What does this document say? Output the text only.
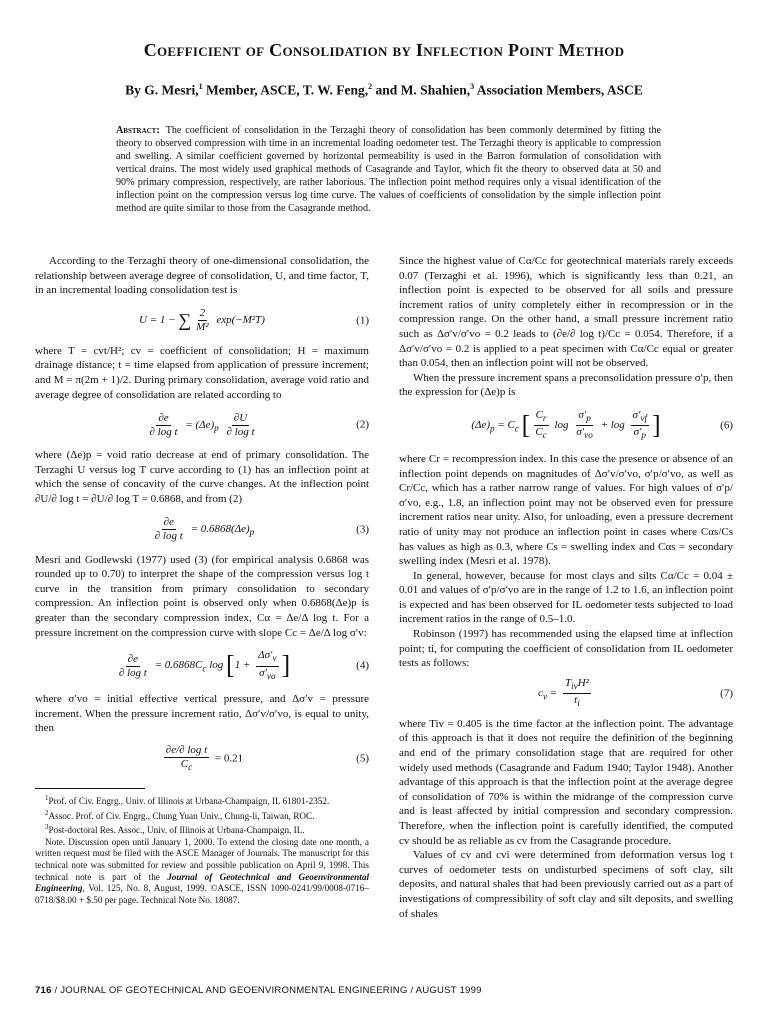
Coefficient of Consolidation by Inflection Point Method
By G. Mesri,$^1$ Member, ASCE, T. W. Feng,$^2$ and M. Shahien,$^3$ Association Members, ASCE
Abstract: The coefficient of consolidation in the Terzaghi theory of consolidation has been commonly determined by fitting the theory to observed compression with time in an incremental loading oedometer test. The Terzaghi theory is applicable to compression and swelling. A similar coefficient governed by horizontal permeability is used in the Barron formulation of consolidation with vertical drains. The most widely used graphical methods of Casagrande and Taylor, which fit the theory to observed data at 50 and 90% primary compression, respectively, are rather laborious. The inflection point method requires only a visual identification of the inflection point on the compression versus log time curve. The values of coefficients of consolidation by the simple inflection point method are quite similar to those from the Casagrande method.

According to the Terzaghi theory of one-dimensional consolidation, the relationship between average degree of consolidation, U, and time factor, T, in an incremental loading consolidation test is

U = 1 − ∑ $\frac{2}{\text{M²}} \exp(-M^2T)$	(1)

where T = cvt/H²; cv = coefficient of consolidation; H = maximum drainage distance; t = time elapsed from application of pressure increment; and M = π(2m + 1)/2. During primary consolidation, average void ratio and average degree of consolidation are related according to

$\frac{\partial e}{\text{∂ log t}} = (\Delta e)_p \frac{\partial U}{\text{∂ log t}}$	(2)

where (Δe)p = void ratio decrease at end of primary consolidation. The Terzaghi U versus log T curve according to (1) has an inflection point at which the sense of concavity of the curve changes. At the inflection point ∂U/∂ log t = ∂U/∂ log T = 0.6868, and from (2)

$\frac{\partial e}{\text{∂ log t}} = 0.6868(\Delta e)_p$	(3)

Mesri and Godlewski (1977) used (3) (for empirical analysis 0.6868 was rounded up to 0.70) to interpret the shape of the compression versus log t curve in the transition from primary consolidation to secondary compression. An inflection point is observed only when 0.6868(Δe)p is greater than the secondary compression index, Cα = Δe/Δ log t. For a pressure increment on the compression curve with slope Cc = Δe/Δ log σ′v:

$\frac{\partial e}{\text{∂ log t}} = 0.6868C_c$ $\log [1 + \frac{\Delta\sigma'_v}{\sigma'_{vo}}$ ]	(4)

where σ′vo = initial effective vertical pressure, and Δσ′v = pressure increment. When the pressure increment ratio, Δσ′v/σ′vo, is equal to unity, then

$\frac{\text{∂e/∂ log t}}{C_c} = 0.21$	(5)

$^1$Prof. of Civ. Engrg., Univ. of Illinois at Urbana-Champaign, IL 61801-2352.

$^2$Assoc. Prof. of Civ. Engrg., Chung Yuan Univ., Chung-li, Taiwan, ROC.

$^3$Post-doctoral Res. Assoc., Univ. of Illinois at Urbana-Champaign, IL.

Note. Discussion open until January 1, 2000. To extend the closing date one month, a written request must be filed with the ASCE Manager of Journals. The manuscript for this technical note was submitted for review and possible publication on April 9, 1998. This technical note is part of the Journal of Geotechnical and Geoenvironmental Engineering, Vol. 125, No. 8, August, 1999. ©ASCE, ISSN 1090-0241/99/0008-0716–0718/$8.00 + $.50 per page. Technical Note No. 18087.

Since the highest value of Cα/Cc for geotechnical materials rarely exceeds 0.07 (Terzaghi et al. 1996), which is significantly less than 0.21, an inflection point is expected to be observed for all soils and pressure increment ratios of unity completely either in recompression or in the compression range. On the other hand, a small pressure increment ratio such as Δσ′v/σ′vo = 0.2 leads to (∂e/∂ log t)/Cc = 0.054. Therefore, if a Δσ′v/σ′vo = 0.2 is applied to a peat specimen with Cα/Cc equal or greater than 0.054, then an inflection point will not be observed.

When the pressure increment spans a preconsolidation pressure σ′p, then the expression for (Δe)p is

$(\Delta e)_p = C_c$ [ $\frac{C_r}{C_c}$ $\log \frac{\sigma'_p}{\sigma'_{vo}} + \log \frac{\sigma'_{vf}}{\sigma'_p}$ ]	(6)

where Cr = recompression index. In this case the presence or absence of an inflection point depends on magnitudes of Δσ′v/σ′vo, σ′p/σ′vo, as well as Cr/Cc, which has a rather narrow range of values. For high values of σ′p/σ′vo, e.g., 1.8, an inflection point may not be observed even for pressure increment ratios near unity. Also, for unloading, even a pressure decrement ratio of unity may not produce an inflection point in cases where Cαs/Cs has values as high as 0.3, where Cs = swelling index and Cαs = secondary swelling index (Mesri et al. 1978).

In general, however, because for most clays and silts Cα/Cc = 0.04 ± 0.01 and values of σ′p/σ′vo are in the range of 1.2 to 1.6, an inflection point is expected and has been observed for IL oedometer tests subjected to load increment ratios in the range of 0.5–1.0.

Robinson (1997) has recommended using the elapsed time at inflection point; ti, for computing the coefficient of consolidation from IL oedometer tests as follows:

$c_v = \frac{T_{iv}H^2}{t_i}$	(7)

where Tiv = 0.405 is the time factor at the inflection point. The advantage of this approach is that it does not require the definition of the beginning and end of the primary consolidation stage that are required for other widely used methods (Casagrande and Fadum 1940; Taylor 1948). Another advantage of this approach is that the inflection point at the average degree of consolidation of 70% is within the midrange of the compression curve and is least affected by initial compression and secondary compression. Therefore, when the inflection point is carefully identified, the computed cv should be as reliable as cv from the Casagrande procedure.

Values of cv and cvi were determined from deformation versus log t curves of oedometer tests on undisturbed specimens of soft clay, silt deposits, and natural shales that had been previously carried out as a part of investigations of compressibility of soft clay and silt deposits, and swelling of shales

716 / JOURNAL OF GEOTECHNICAL AND GEOENVIRONMENTAL ENGINEERING / AUGUST 1999
